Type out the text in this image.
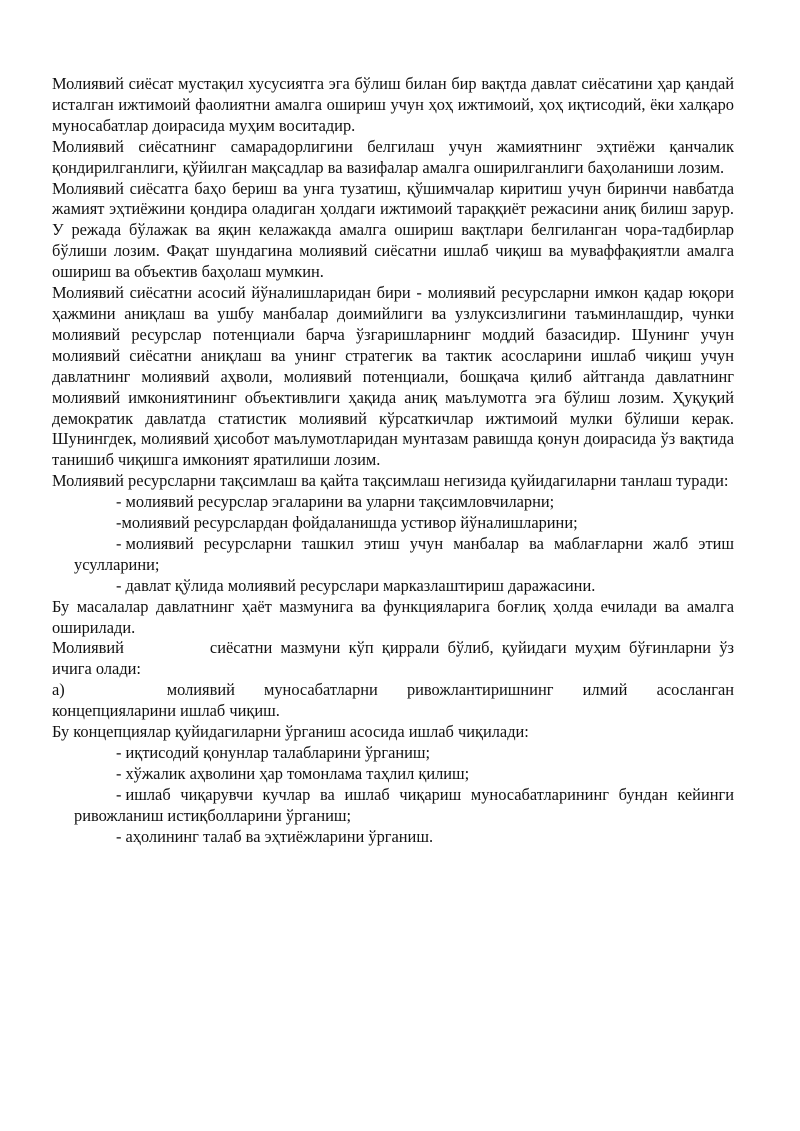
Молиявий сиёсат мустақил хусусиятга эга бўлиш билан бир вақтда давлат сиёсатини ҳар қандай исталган ижтимоий фаолиятни амалга ошириш учун ҳоҳ ижтимоий, ҳоҳ иқтисодий, ёки халқаро муносабатлар доирасида муҳим воситадир.

Молиявий сиёсатнинг самарадорлигини белгилаш учун жамиятнинг эҳтиёжи қанчалик қондирилганлиги, қўйилган мақсадлар ва вазифалар амалга оширилганлиги баҳоланиши лозим.

Молиявий сиёсатга баҳо бериш ва унга тузатиш, қўшимчалар киритиш учун биринчи навбатда жамият эҳтиёжини қондира оладиган ҳолдаги ижтимоий тараққиёт режасини аниқ билиш зарур. У режада бўлажак ва яқин келажакда амалга ошириш вақтлари белгиланган чора-тадбирлар бўлиши лозим. Фақат шундагина молиявий сиёсатни ишлаб чиқиш ва муваффақиятли амалга ошириш ва объектив баҳолаш мумкин.

Молиявий сиёсатни асосий йўналишларидан бири - молиявий ресурсларни имкон қадар юқори ҳажмини аниқлаш ва ушбу манбалар доимийлиги ва узлуксизлигини таъминлашдир, чунки молиявий ресурслар потенциали барча ўзгаришларнинг моддий базасидир. Шунинг учун молиявий сиёсатни аниқлаш ва унинг стратегик ва тактик асосларини ишлаб чиқиш учун давлатнинг молиявий аҳволи, молиявий потенциали, бошқача қилиб айтганда давлатнинг молиявий имкониятининг объективлиги ҳақида аниқ маълумотга эга бўлиш лозим. Ҳуқуқий демократик давлатда статистик молиявий кўрсаткичлар ижтимоий мулки бўлиши керак. Шунингдек, молиявий ҳисобот маълумотларидан мунтазам равишда қонун доирасида ўз вақтида танишиб чиқишга имконият яратилиши лозим.

Молиявий ресурсларни тақсимлаш ва қайта тақсимлаш негизида қуйидагиларни танлаш туради:

- молиявий ресурслар эгаларини ва уларни тақсимловчиларни;

-молиявий ресурслардан фойдаланишда устивор йўналишларини;

- молиявий ресурсларни ташкил этиш учун манбалар ва маблағларни жалб этиш усулларини;

- давлат қўлида молиявий ресурслари марказлаштириш даражасини.

Бу масалалар давлатнинг ҳаёт мазмунига ва функцияларига боғлиқ ҳолда ечилади ва амалга оширилади.

Молиявий	сиёсатни мазмуни кўп қиррали бўлиб, қуйидаги муҳим бўғинларни ўз ичига олади:

а)	молиявий муносабатларни ривожлантиришнинг илмий асосланган концепцияларини ишлаб чиқиш.

Бу концепциялар қуйидагиларни ўрганиш асосида ишлаб чиқилади:

- иқтисодий қонунлар талабларини ўрганиш;

- хўжалик аҳволини ҳар томонлама таҳлил қилиш;

- ишлаб чиқарувчи кучлар ва ишлаб чиқариш муносабатларининг бундан кейинги ривожланиш истиқболларини ўрганиш;

- аҳолининг талаб ва эҳтиёжларини ўрганиш.
